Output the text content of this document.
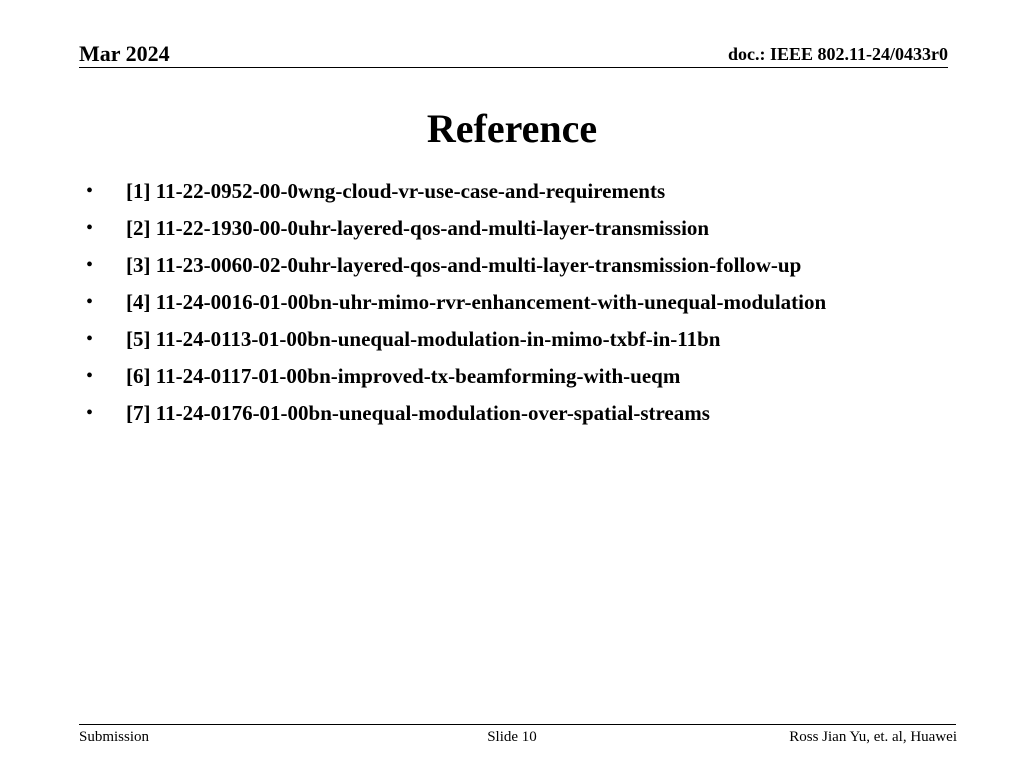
Mar 2024	doc.: IEEE 802.11-24/0433r0
Reference
• [1] 11-22-0952-00-0wng-cloud-vr-use-case-and-requirements
• [2] 11-22-1930-00-0uhr-layered-qos-and-multi-layer-transmission
• [3] 11-23-0060-02-0uhr-layered-qos-and-multi-layer-transmission-follow-up
• [4] 11-24-0016-01-00bn-uhr-mimo-rvr-enhancement-with-unequal-modulation
• [5] 11-24-0113-01-00bn-unequal-modulation-in-mimo-txbf-in-11bn
• [6] 11-24-0117-01-00bn-improved-tx-beamforming-with-ueqm
• [7] 11-24-0176-01-00bn-unequal-modulation-over-spatial-streams
Submission	Slide 10	Ross Jian Yu, et. al, Huawei
